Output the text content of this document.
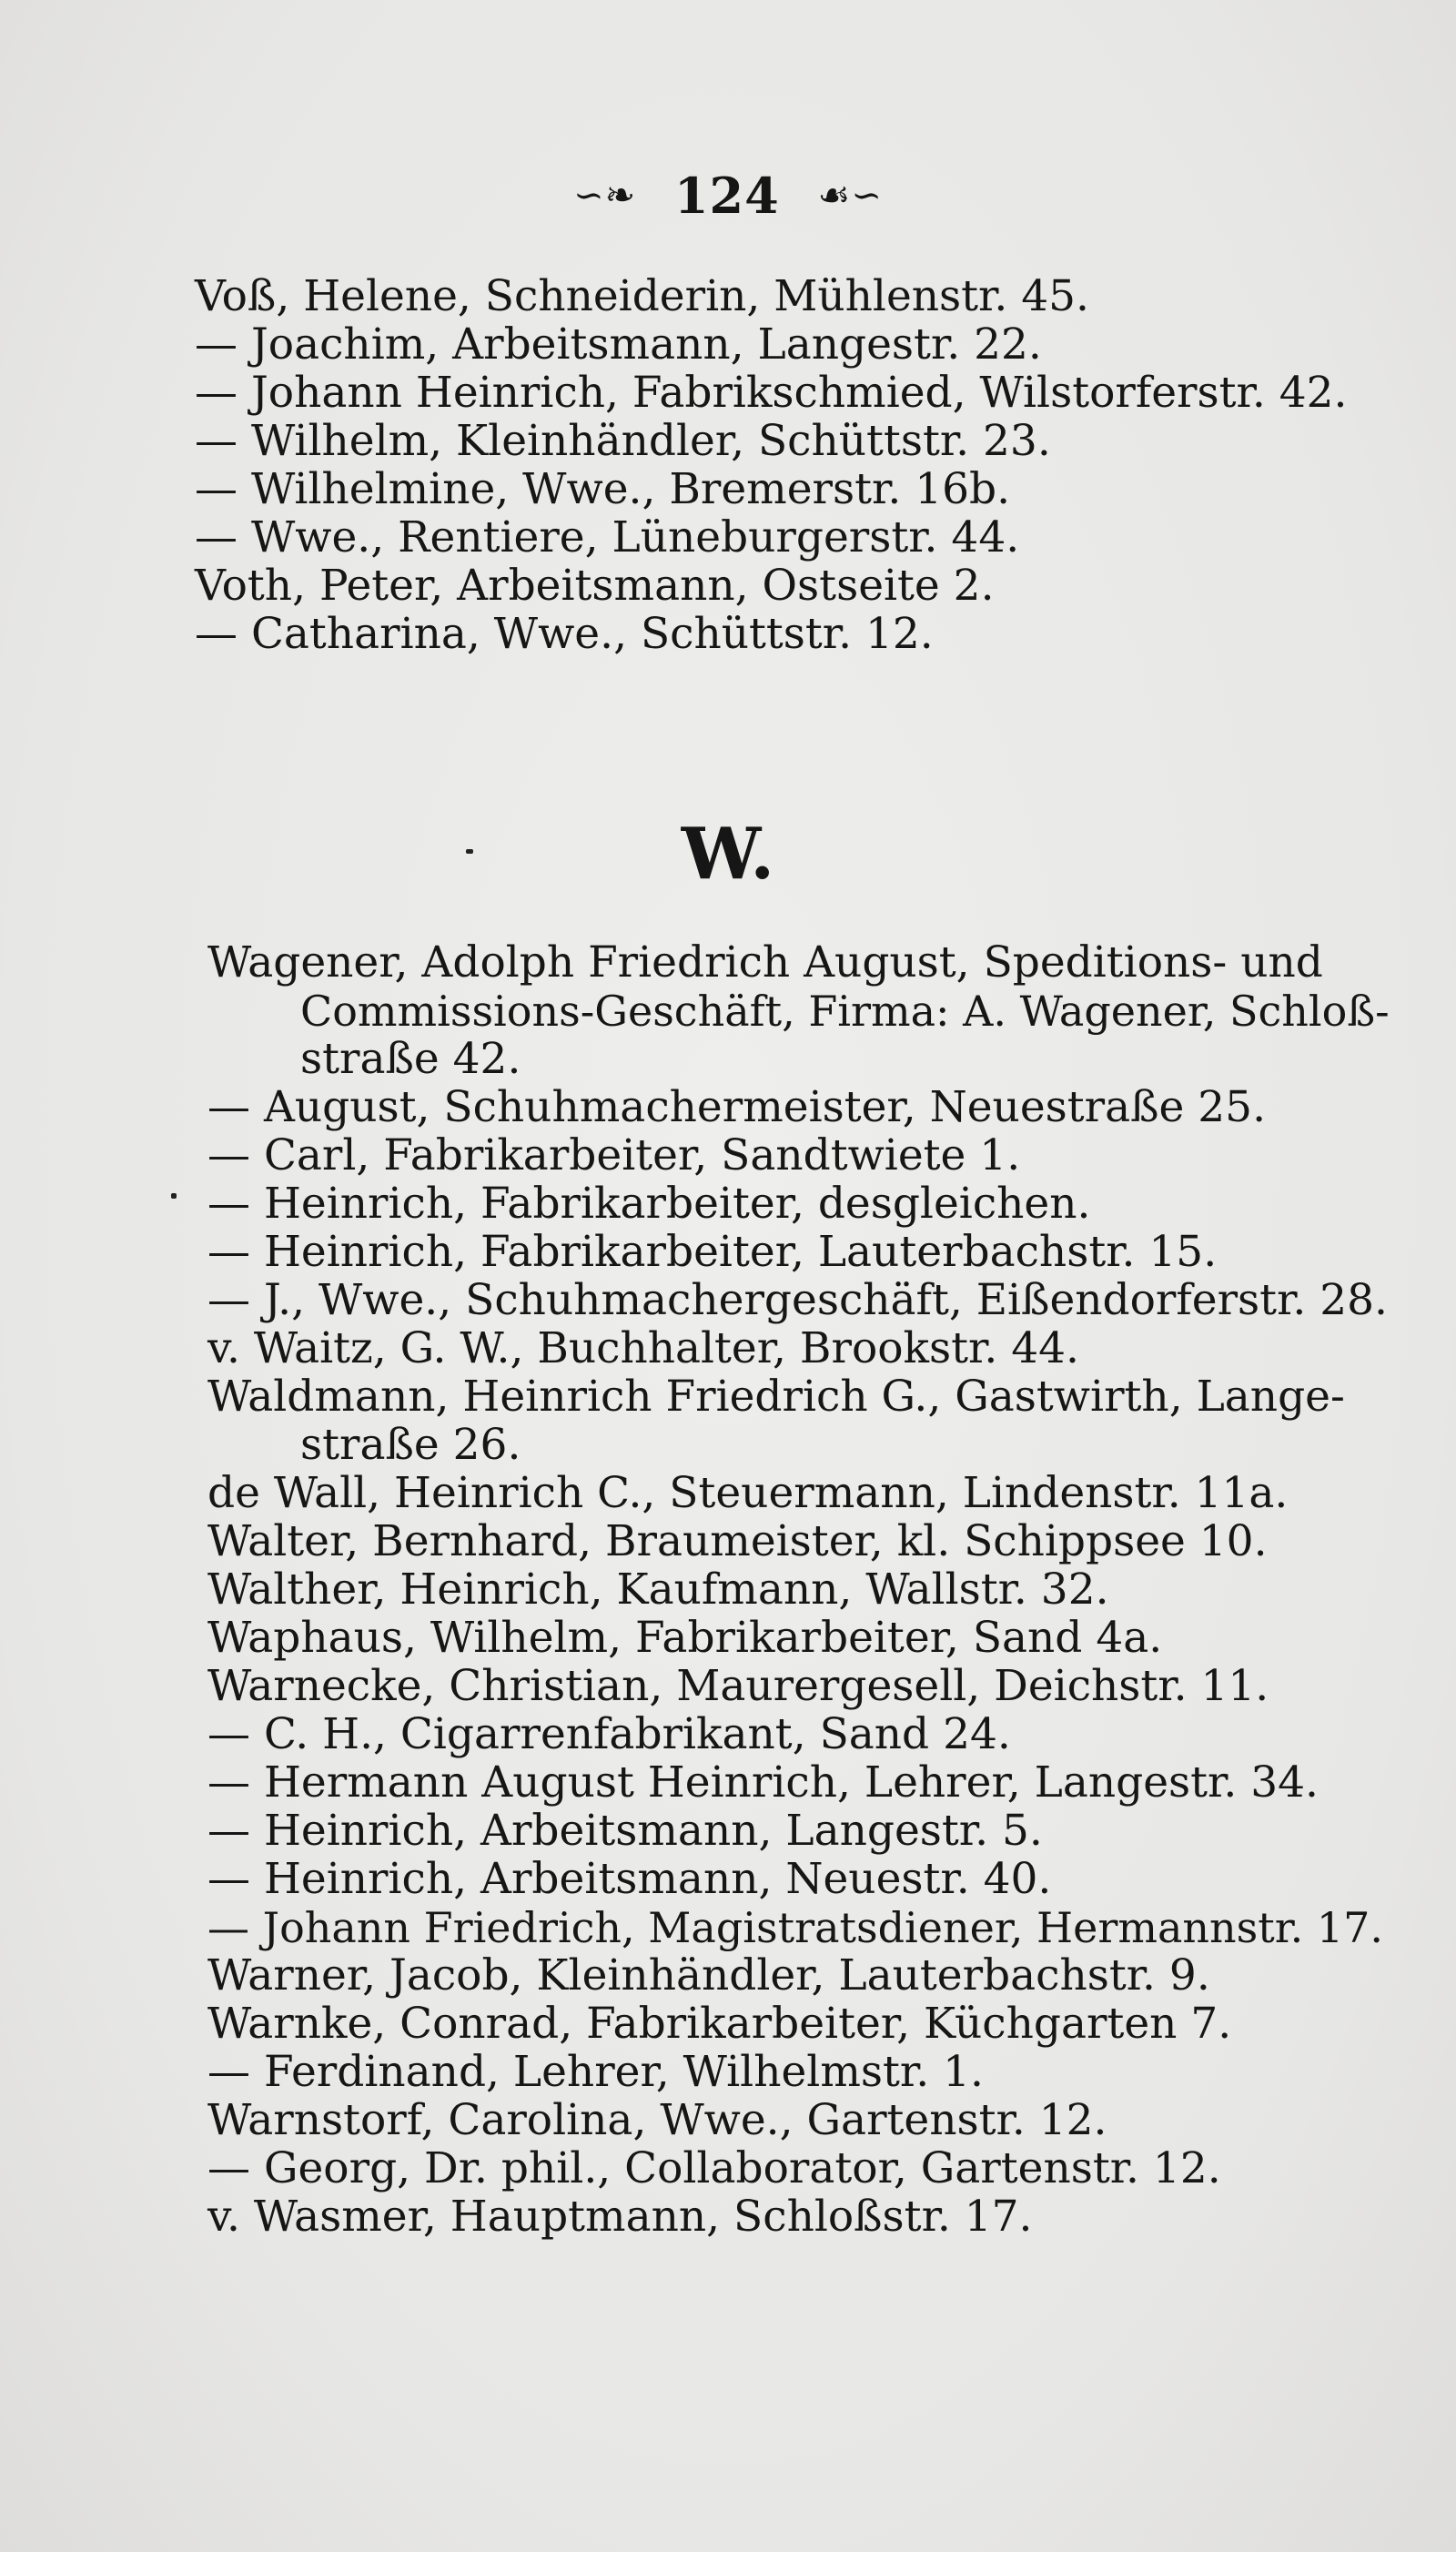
∽❧ 124 ☙∽
Voß, Helene, Schneiderin, Mühlenstr. 45.
— Joachim, Arbeitsmann, Langestr. 22.
— Johann Heinrich, Fabrikschmied, Wilstorferstr. 42.
— Wilhelm, Kleinhändler, Schüttstr. 23.
— Wilhelmine, Wwe., Bremerstr. 16b.
— Wwe., Rentiere, Lüneburgerstr. 44.
Voth, Peter, Arbeitsmann, Ostseite 2.
— Catharina, Wwe., Schüttstr. 12.
W.
Wagener, Adolph Friedrich August, Speditions- und
Commissions-Geschäft, Firma: A. Wagener, Schloß-
straße 42.
— August, Schuhmachermeister, Neuestraße 25.
— Carl, Fabrikarbeiter, Sandtwiete 1.
— Heinrich, Fabrikarbeiter, desgleichen.
— Heinrich, Fabrikarbeiter, Lauterbachstr. 15.
— J., Wwe., Schuhmachergeschäft, Eißendorferstr. 28.
v. Waitz, G. W., Buchhalter, Brookstr. 44.
Waldmann, Heinrich Friedrich G., Gastwirth, Lange-
straße 26.
de Wall, Heinrich C., Steuermann, Lindenstr. 11a.
Walter, Bernhard, Braumeister, kl. Schippsee 10.
Walther, Heinrich, Kaufmann, Wallstr. 32.
Waphaus, Wilhelm, Fabrikarbeiter, Sand 4a.
Warnecke, Christian, Maurergesell, Deichstr. 11.
— C. H., Cigarrenfabrikant, Sand 24.
— Hermann August Heinrich, Lehrer, Langestr. 34.
— Heinrich, Arbeitsmann, Langestr. 5.
— Heinrich, Arbeitsmann, Neuestr. 40.
— Johann Friedrich, Magistratsdiener, Hermannstr. 17.
Warner, Jacob, Kleinhändler, Lauterbachstr. 9.
Warnke, Conrad, Fabrikarbeiter, Küchgarten 7.
— Ferdinand, Lehrer, Wilhelmstr. 1.
Warnstorf, Carolina, Wwe., Gartenstr. 12.
— Georg, Dr. phil., Collaborator, Gartenstr. 12.
v. Wasmer, Hauptmann, Schloßstr. 17.
